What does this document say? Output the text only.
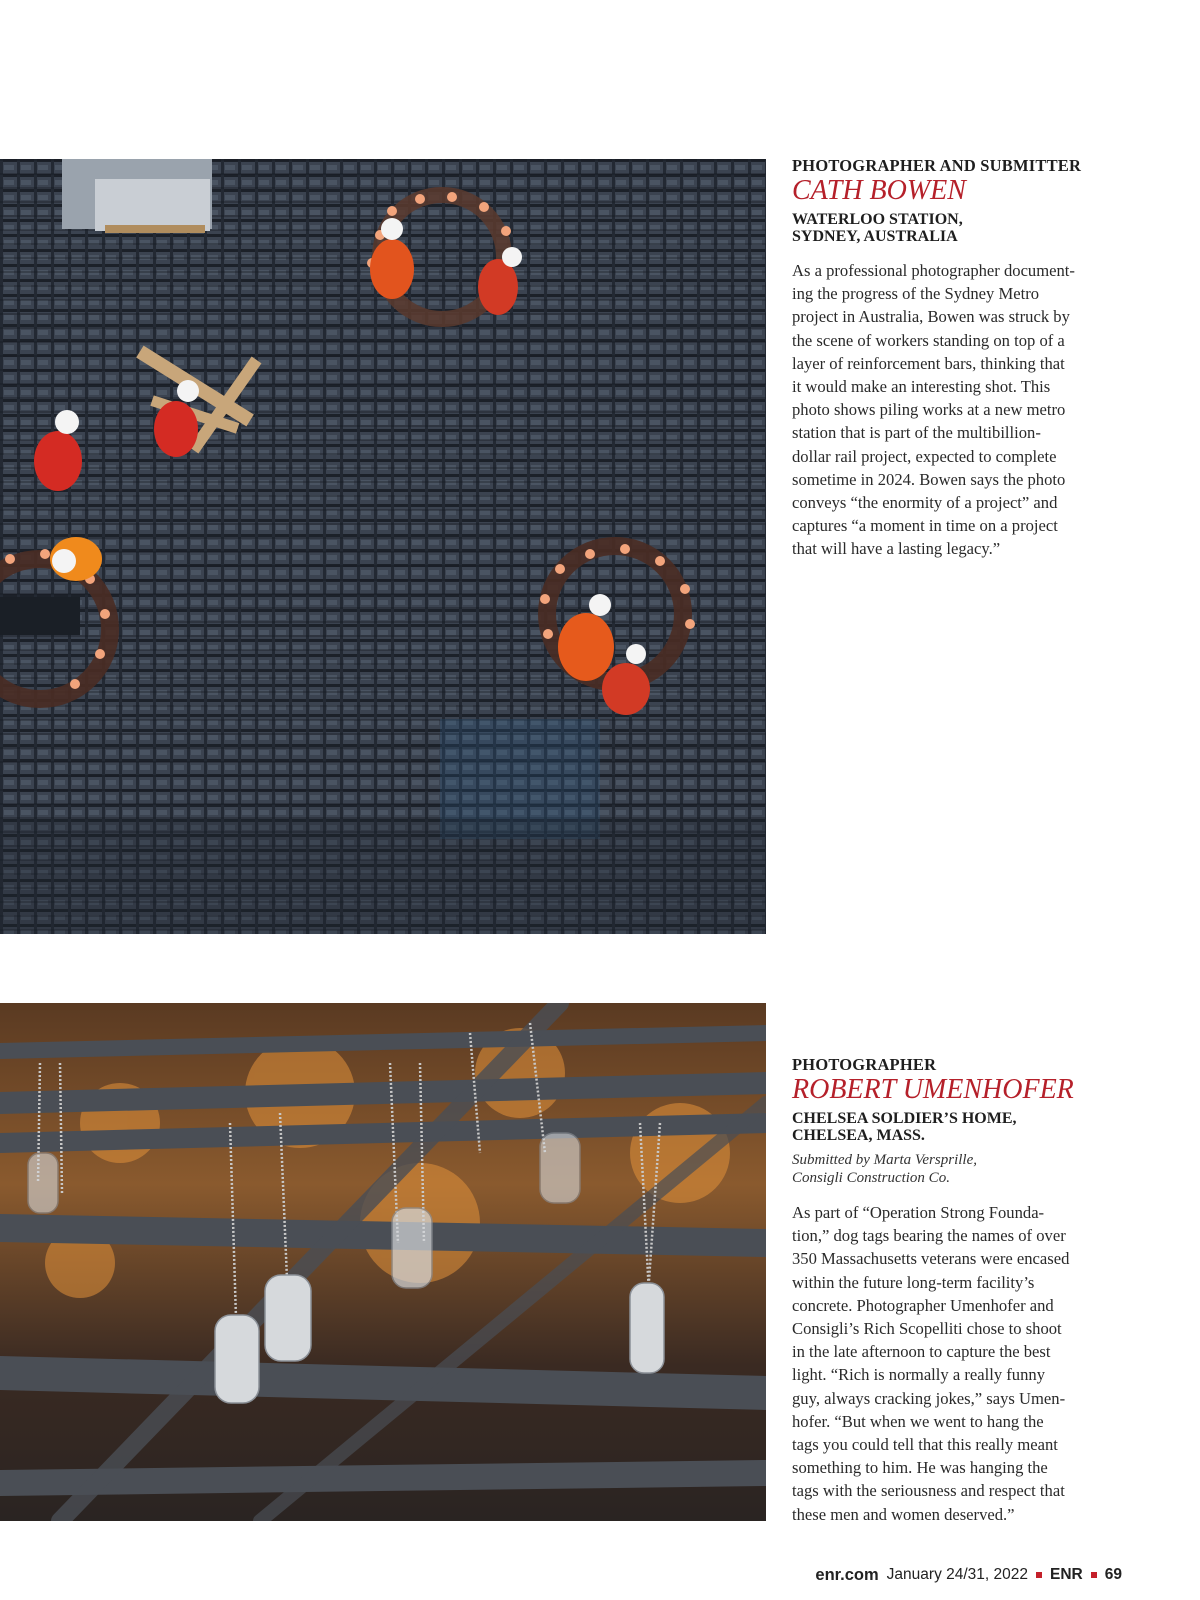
PHOTOGRAPHER AND SUBMITTER
CATH BOWEN
WATERLOO STATION,
SYDNEY, AUSTRALIA
As a professional photographer document-
ing the progress of the Sydney Metro
project in Australia, Bowen was struck by
the scene of workers standing on top of a
layer of reinforcement bars, thinking that
it would make an interesting shot. This
photo shows piling works at a new metro
station that is part of the multibillion-
dollar rail project, expected to complete
sometime in 2024. Bowen says the photo
conveys “the enormity of a project” and
captures “a moment in time on a project
that will have a lasting legacy.”
PHOTOGRAPHER
ROBERT UMENHOFER
CHELSEA SOLDIER’S HOME,
CHELSEA, MASS.
Submitted by Marta Versprille,
Consigli Construction Co.
As part of “Operation Strong Founda-
tion,” dog tags bearing the names of over
350 Massachusetts veterans were encased
within the future long-term facility’s
concrete. Photographer Umenhofer and
Consigli’s Rich Scopelliti chose to shoot
in the late afternoon to capture the best
light. “Rich is normally a really funny
guy, always cracking jokes,” says Umen-
hofer. “But when we went to hang the
tags you could tell that this really meant
something to him. He was hanging the
tags with the seriousness and respect that
these men and women deserved.”
enr.com January 24/31, 2022 ENR 69
